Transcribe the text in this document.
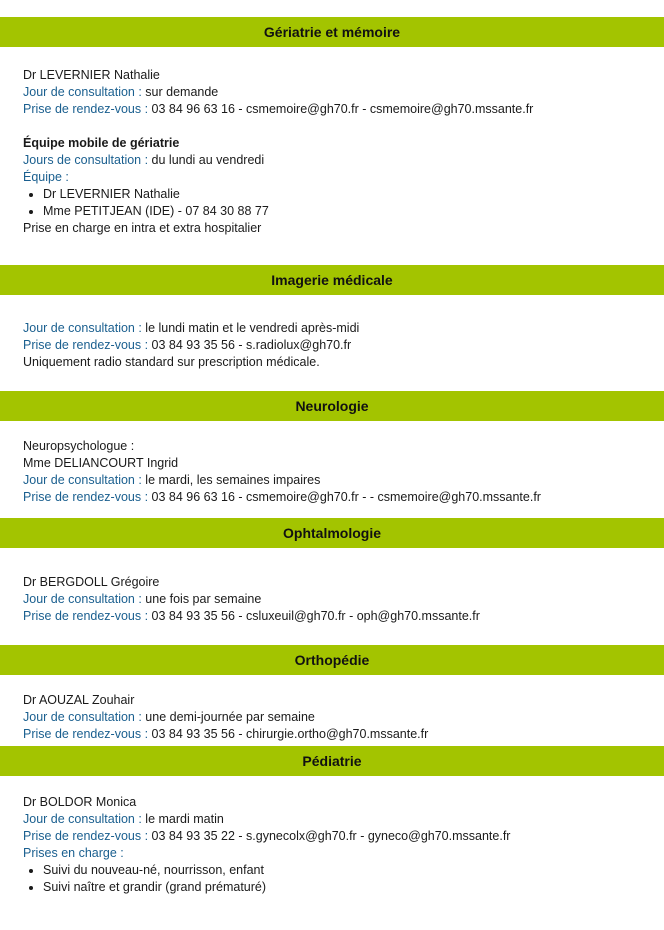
Gériatrie et mémoire
Dr LEVERNIER Nathalie
Jour de consultation : sur demande
Prise de rendez-vous : 03 84 96 63 16 - csmemoire@gh70.fr - csmemoire@gh70.mssante.fr
Équipe mobile de gériatrie
Jours de consultation : du lundi au vendredi
Équipe :
• Dr LEVERNIER Nathalie
• Mme PETITJEAN (IDE) - 07 84 30 88 77
Prise en charge en intra et extra hospitalier
Imagerie médicale
Jour de consultation : le lundi matin et le vendredi après-midi
Prise de rendez-vous : 03 84 93 35 56 - s.radiolux@gh70.fr
Uniquement radio standard sur prescription médicale.
Neurologie
Neuropsychologue :
Mme DELIANCOURT Ingrid
Jour de consultation : le mardi, les semaines impaires
Prise de rendez-vous : 03 84 96 63 16 - csmemoire@gh70.fr - - csmemoire@gh70.mssante.fr
Ophtalmologie
Dr BERGDOLL Grégoire
Jour de consultation : une fois par semaine
Prise de rendez-vous : 03 84 93 35 56 - csluxeuil@gh70.fr - oph@gh70.mssante.fr
Orthopédie
Dr AOUZAL Zouhair
Jour de consultation : une demi-journée par semaine
Prise de rendez-vous : 03 84 93 35 56 - chirurgie.ortho@gh70.mssante.fr
Pédiatrie
Dr BOLDOR Monica
Jour de consultation : le mardi matin
Prise de rendez-vous : 03 84 93 35 22 - s.gynecolx@gh70.fr - gyneco@gh70.mssante.fr
Prises en charge :
• Suivi du nouveau-né, nourrisson, enfant
• Suivi naître et grandir (grand prématuré)
